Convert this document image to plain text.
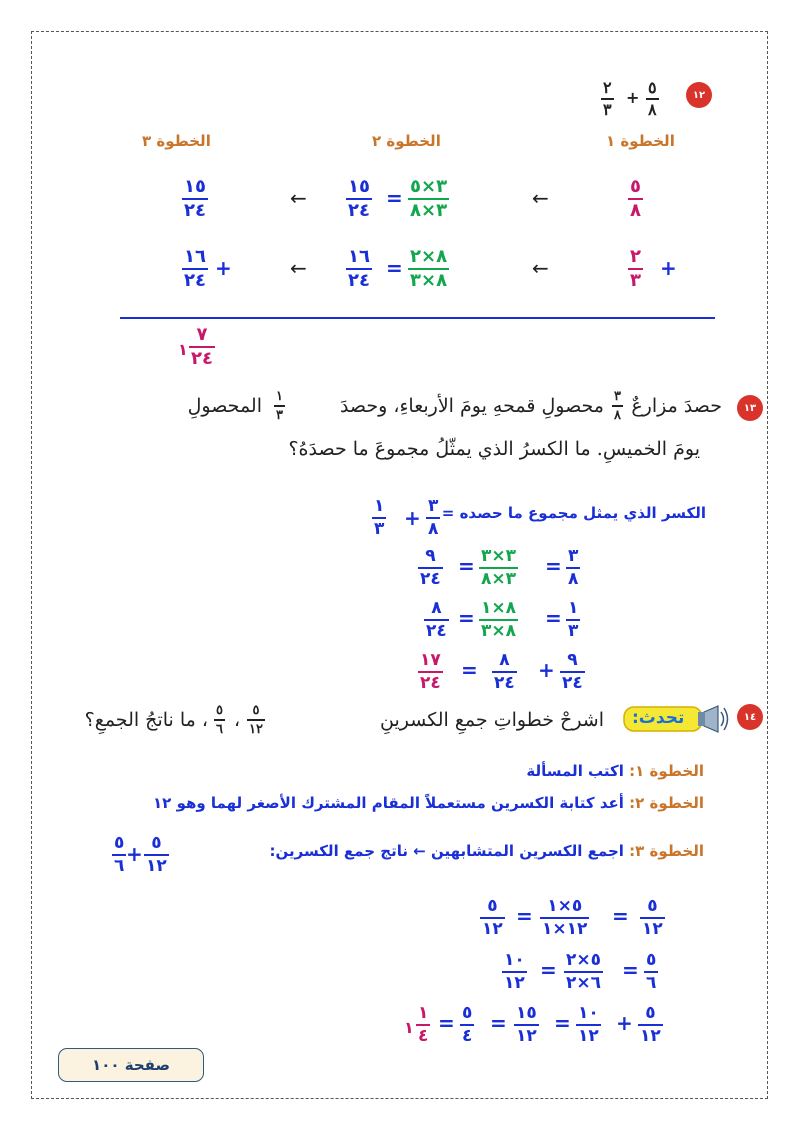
١٢
٥
٨
+
٢
٣
الخطوة ١
الخطوة ٢
الخطوة ٣
٥
٨
←
٣×٥
٣×٨
=
١٥
٢٤
←
١٥
٢٤
+
٢
٣
←
٨×٢
٨×٣
=
١٦
٢٤
←
+
١٦
٢٤
١
٧
٢٤
١٣
حصدَ مزارعٌ
٣
٨
محصولِ قمحهِ يومَ الأربعاءِ، وحصدَ
١
٣
المحصولِ
يومَ الخميسِ. ما الكسرُ الذي يمثّلُ مجموعَ ما حصدَهُ؟
الكسر الذي يمثل مجموع ما حصده =
٣
٨
+
١
٣
٣
٨
=
٣×٣
٣×٨
=
٩
٢٤
١
٣
=
٨×١
٨×٣
=
٨
٢٤
٩
٢٤
+
٨
٢٤
=
١٧
٢٤
١٤
تحدث:
اشرحْ خطواتِ جمعِ الكسرينِ
٥
١٢
،
٥
٦
، ما ناتجُ الجمعِ؟
الخطوة ١: اكتب المسألة
الخطوة ٢: أعد كتابة الكسرين مستعملاً المقام المشترك الأصغر لهما وهو ١٢
الخطوة ٣: اجمع الكسرين المتشابهين ← ناتج جمع الكسرين:
٥
١٢
+
٥
٦
٥
١٢
=
٥×١
١٢×١
=
٥
١٢
٥
٦
=
٥×٢
٦×٢
=
١٠
١٢
٥
١٢
+
١٠
١٢
=
١٥
١٢
=
٥
٤
=
١
٤
١
صفحة ١٠٠
